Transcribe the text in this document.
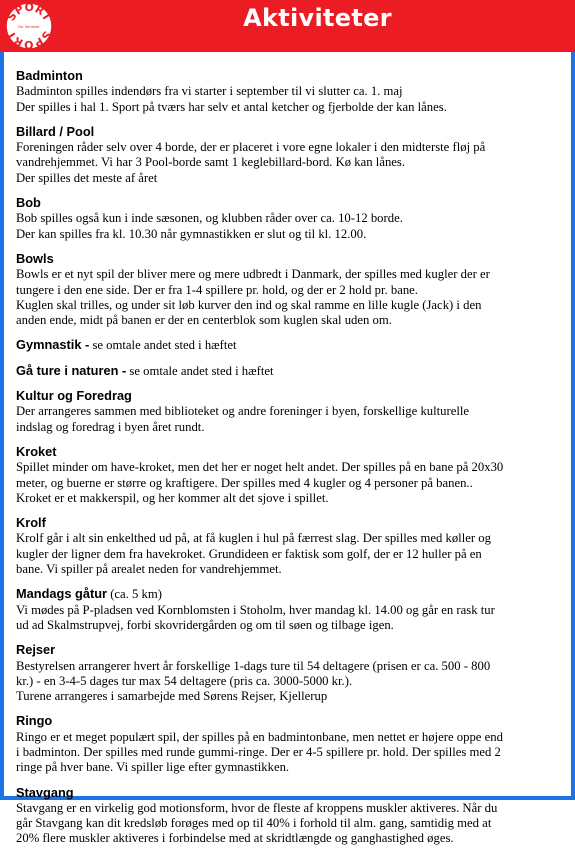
SPORT
SPORT
For Seniorer	Aktiviteter
Badminton
Badminton spilles indendørs fra vi starter i september til vi slutter ca. 1. maj
Der spilles i hal 1. Sport på tværs har selv et antal ketcher og fjerbolde der kan lånes.
Billard / Pool
Foreningen råder selv over 4 borde, der er placeret i vore egne lokaler i den midterste fløj på
vandrehjemmet. Vi har 3 Pool-borde samt 1 keglebillard-bord. Kø kan lånes.
Der spilles det meste af året
Bob
Bob spilles også kun i inde sæsonen, og klubben råder over ca. 10-12 borde.
Der kan spilles fra kl. 10.30 når gymnastikken er slut og til kl. 12.00.
Bowls
Bowls er et nyt spil der bliver mere og mere udbredt i Danmark, der spilles med kugler der er
tungere i den ene side. Der er fra 1-4 spillere pr. hold, og der er 2 hold pr. bane.
Kuglen skal trilles, og under sit løb kurver den ind og skal ramme en lille kugle (Jack) i den
anden ende, midt på banen er der en centerblok som kuglen skal uden om.
Gymnastik - se omtale andet sted i hæftet
Gå ture i naturen - se omtale andet sted i hæftet
Kultur og Foredrag
Der arrangeres sammen med biblioteket og andre foreninger i byen, forskellige kulturelle
indslag og foredrag i byen året rundt.
Kroket
Spillet minder om have-kroket, men det her er noget helt andet. Der spilles på en bane på 20x30
meter, og buerne er større og kraftigere. Der spilles med 4 kugler og 4 personer på banen..
Kroket er et makkerspil, og her kommer alt det sjove i spillet.
Krolf
Krolf går i alt sin enkelthed ud på, at få kuglen i hul på færrest slag. Der spilles med køller og
kugler der ligner dem fra havekroket. Grundideen er faktisk som golf, der er 12 huller på en
bane. Vi spiller på arealet neden for vandrehjemmet.
Mandags gåtur (ca. 5 km)
Vi mødes på P-pladsen ved Kornblomsten i Stoholm, hver mandag kl. 14.00 og går en rask tur
ud ad Skalmstrupvej, forbi skovridergården og om til søen og tilbage igen.
Rejser
Bestyrelsen arrangerer hvert år forskellige 1-dags ture til 54 deltagere (prisen er ca. 500 - 800
kr.) - en 3-4-5 dages tur max 54 deltagere (pris ca. 3000-5000 kr.).
Turene arrangeres i samarbejde med Sørens Rejser, Kjellerup
Ringo
Ringo er et meget populært spil, der spilles på en badmintonbane, men nettet er højere oppe end
i badminton. Der spilles med runde gummi-ringe. Der er 4-5 spillere pr. hold. Der spilles med 2
ringe på hver bane. Vi spiller lige efter gymnastikken.
Stavgang
Stavgang er en virkelig god motionsform, hvor de fleste af kroppens muskler aktiveres. Når du
går Stavgang kan dit kredsløb forøges med op til 40% i forhold til alm. gang, samtidig med at
20% flere muskler aktiveres i forbindelse med at skridtlængde og ganghastighed øges.
